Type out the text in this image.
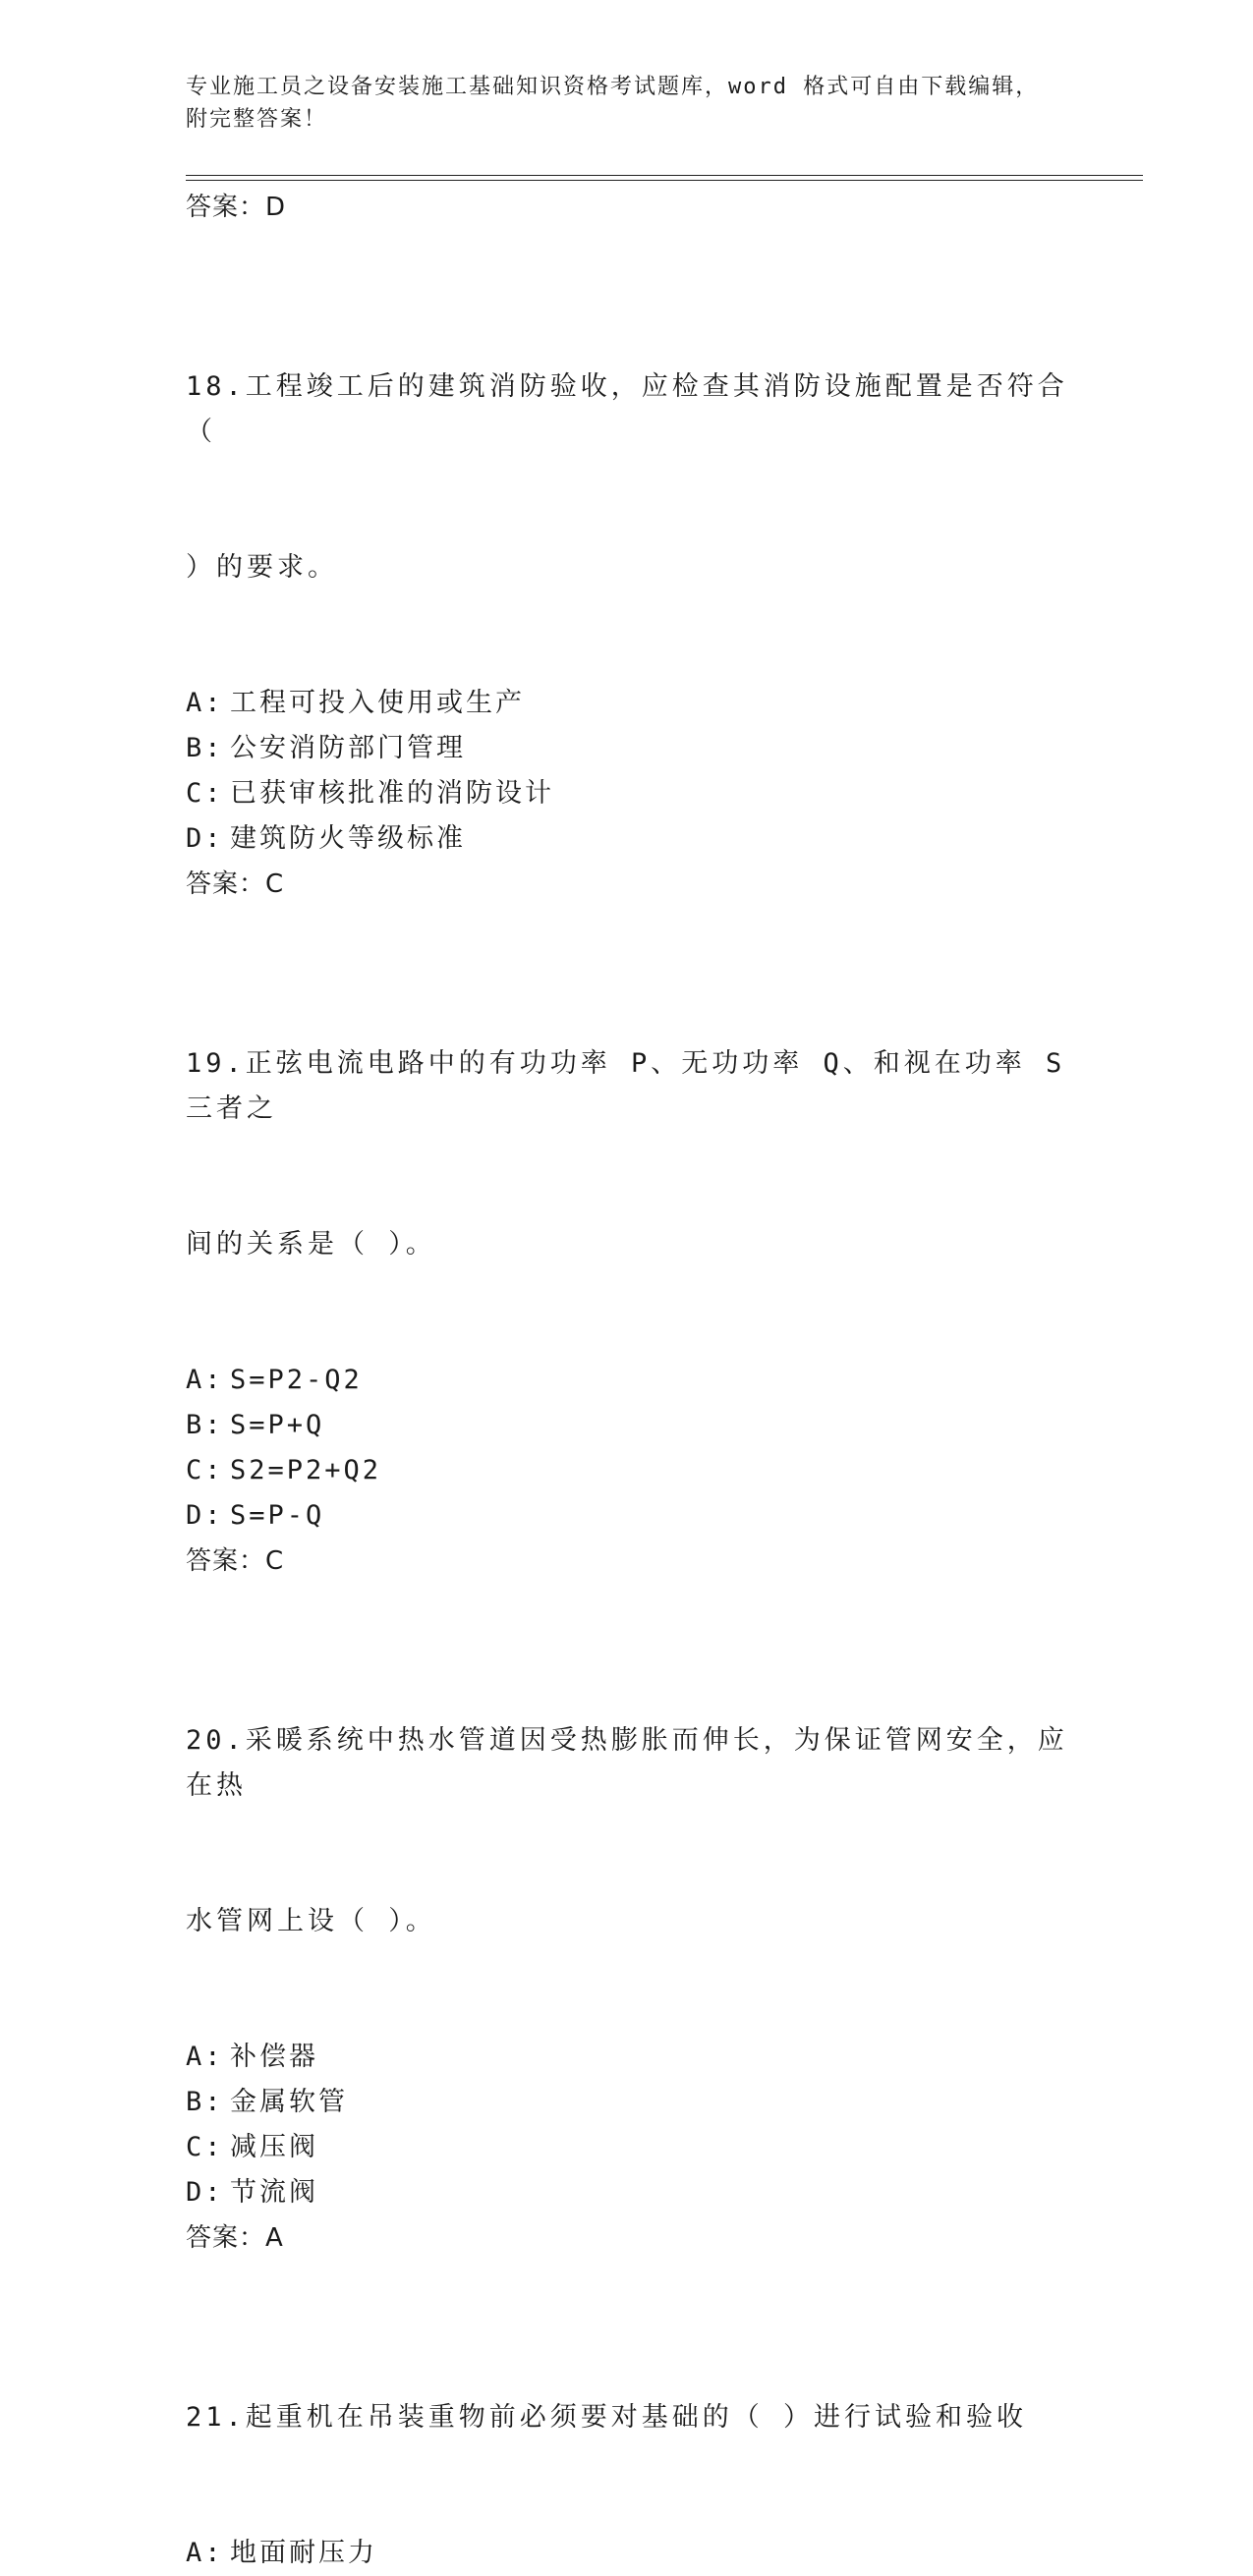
专业施工员之设备安装施工基础知识资格考试题库，word 格式可自由下载编辑，
附完整答案！
答案：D

18.工程竣工后的建筑消防验收，应检查其消防设施配置是否符合（

）的要求。

A: 工程可投入使用或生产
B: 公安消防部门管理
C: 已获审核批准的消防设计
D: 建筑防火等级标准
答案：C

19.正弦电流电路中的有功功率 P、无功功率 Q、和视在功率 S 三者之

间的关系是（ ）。

A: S=P2-Q2
B: S=P+Q
C: S2=P2+Q2
D: S=P-Q
答案：C

20.采暖系统中热水管道因受热膨胀而伸长，为保证管网安全，应在热

水管网上设（ ）。

A: 补偿器
B: 金属软管
C: 减压阀
D: 节流阀
答案：A

21.起重机在吊装重物前必须要对基础的（ ）进行试验和验收

A: 地面耐压力
